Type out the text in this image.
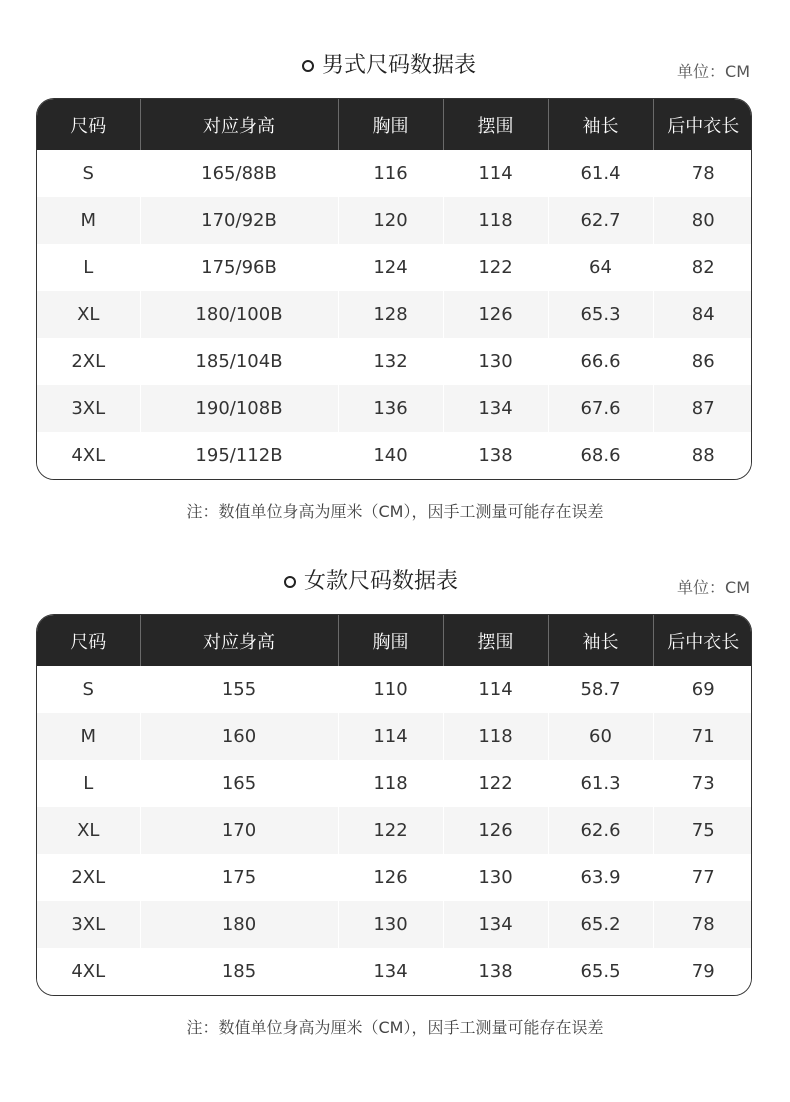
男式尺码数据表	单位：CM
尺码	对应身高	胸围	摆围	袖长	后中衣长
S	165/88B	116	114	61.4	78
M	170/92B	120	118	62.7	80
L	175/96B	124	122	64	82
XL	180/100B	128	126	65.3	84
2XL	185/104B	132	130	66.6	86
3XL	190/108B	136	134	67.6	87
4XL	195/112B	140	138	68.6	88
注：数值单位身高为厘米（CM），因手工测量可能存在误差
女款尺码数据表	单位：CM
尺码	对应身高	胸围	摆围	袖长	后中衣长
S	155	110	114	58.7	69
M	160	114	118	60	71
L	165	118	122	61.3	73
XL	170	122	126	62.6	75
2XL	175	126	130	63.9	77
3XL	180	130	134	65.2	78
4XL	185	134	138	65.5	79
注：数值单位身高为厘米（CM），因手工测量可能存在误差
